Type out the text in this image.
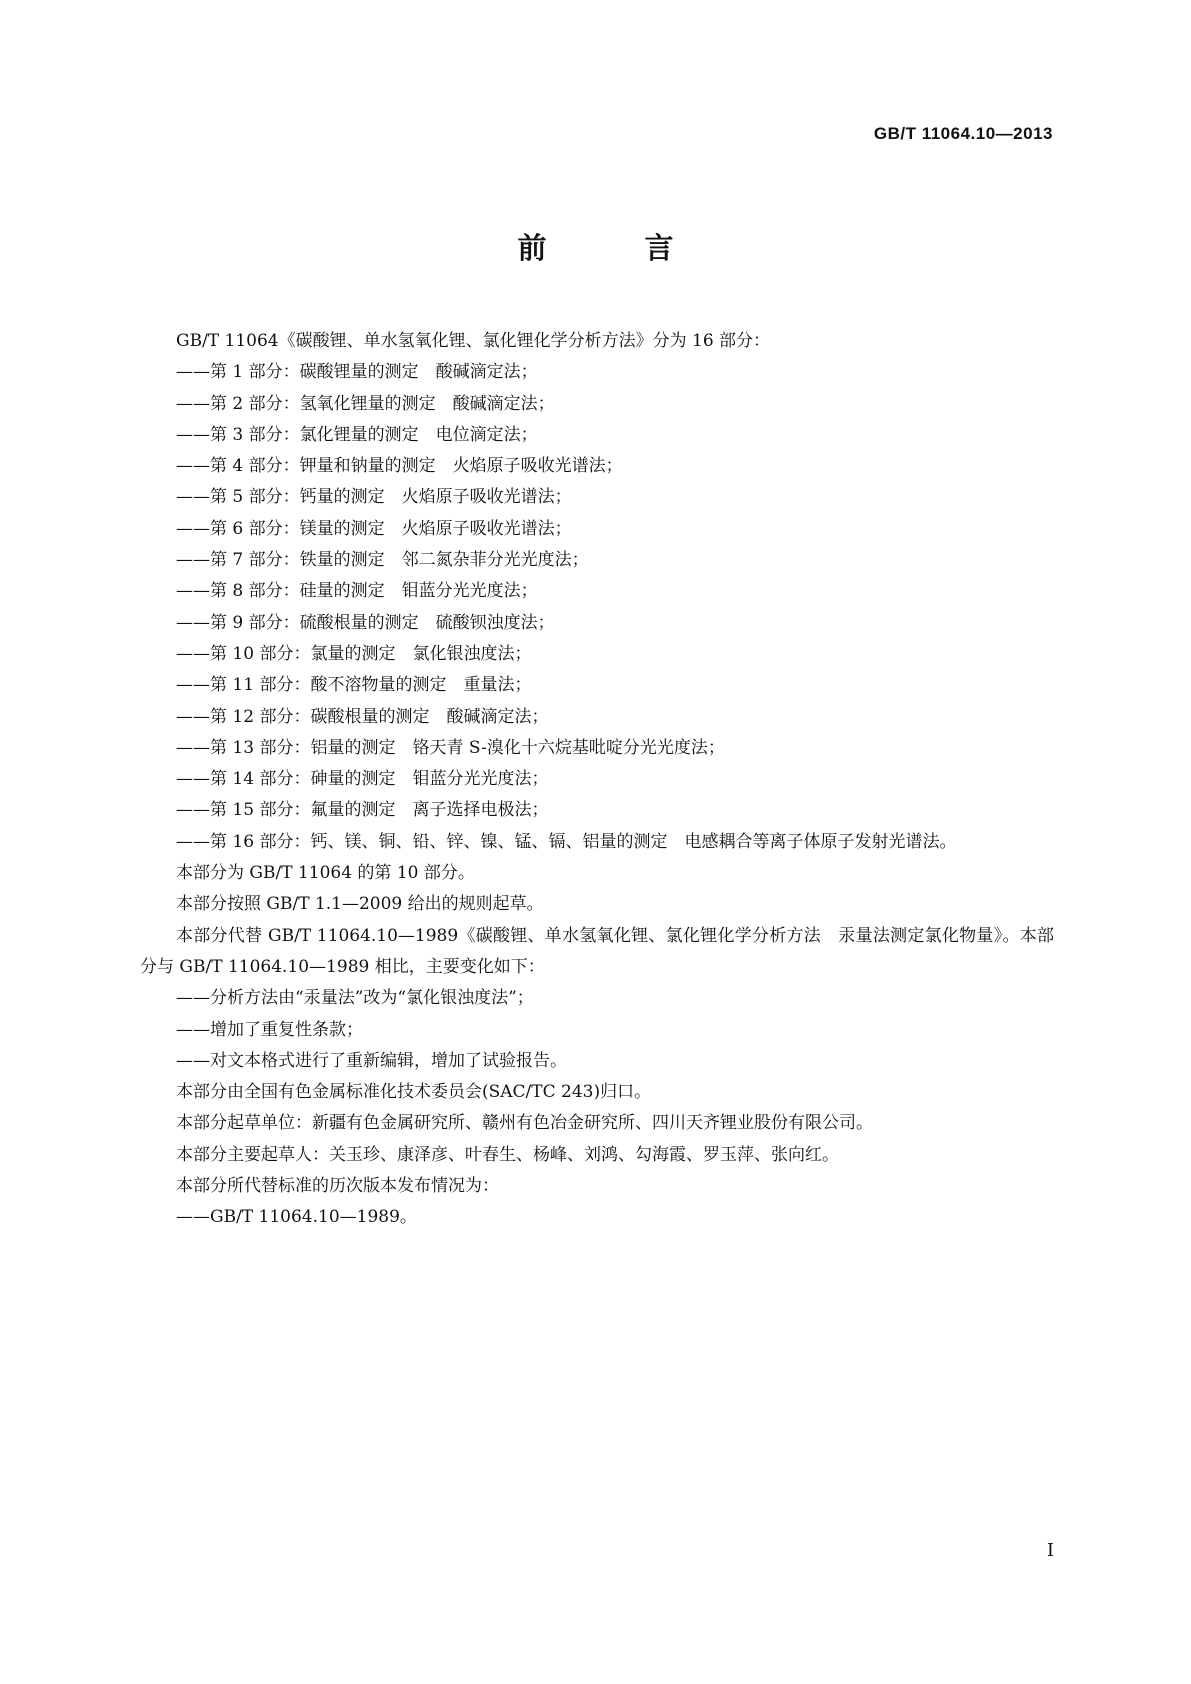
GB/T 11064.10—2013
前 言

GB/T 11064《碳酸锂、单水氢氧化锂、氯化锂化学分析方法》分为 16 部分：

——第 1 部分：碳酸锂量的测定　酸碱滴定法；

——第 2 部分：氢氧化锂量的测定　酸碱滴定法；

——第 3 部分：氯化锂量的测定　电位滴定法；

——第 4 部分：钾量和钠量的测定　火焰原子吸收光谱法；

——第 5 部分：钙量的测定　火焰原子吸收光谱法；

——第 6 部分：镁量的测定　火焰原子吸收光谱法；

——第 7 部分：铁量的测定　邻二氮杂菲分光光度法；

——第 8 部分：硅量的测定　钼蓝分光光度法；

——第 9 部分：硫酸根量的测定　硫酸钡浊度法；

——第 10 部分：氯量的测定　氯化银浊度法；

——第 11 部分：酸不溶物量的测定　重量法；

——第 12 部分：碳酸根量的测定　酸碱滴定法；

——第 13 部分：铝量的测定　铬天青 S-溴化十六烷基吡啶分光光度法；

——第 14 部分：砷量的测定　钼蓝分光光度法；

——第 15 部分：氟量的测定　离子选择电极法；

——第 16 部分：钙、镁、铜、铅、锌、镍、锰、镉、铝量的测定　电感耦合等离子体原子发射光谱法。

本部分为 GB/T 11064 的第 10 部分。

本部分按照 GB/T 1.1—2009 给出的规则起草。

本部分代替 GB/T 11064.10—1989《碳酸锂、单水氢氧化锂、氯化锂化学分析方法　汞量法测定氯化物量》。本部分与 GB/T 11064.10—1989 相比，主要变化如下：

——分析方法由“汞量法”改为“氯化银浊度法”；

——增加了重复性条款；

——对文本格式进行了重新编辑，增加了试验报告。

本部分由全国有色金属标准化技术委员会(SAC/TC 243)归口。

本部分起草单位：新疆有色金属研究所、赣州有色冶金研究所、四川天齐锂业股份有限公司。

本部分主要起草人：关玉珍、康泽彦、叶春生、杨峰、刘鸿、勾海霞、罗玉萍、张向红。

本部分所代替标准的历次版本发布情况为：

——GB/T 11064.10—1989。

I
